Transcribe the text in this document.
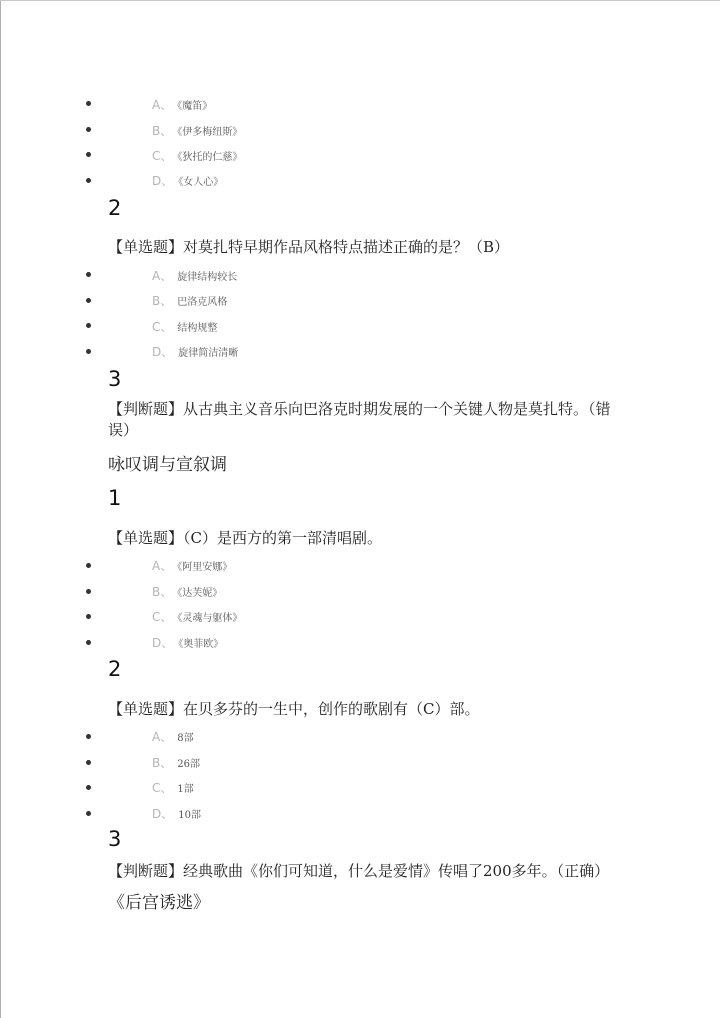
A、 《魔笛》
B、 《伊多梅纽斯》
C、 《狄托的仁慈》
D、 《女人心》
2
【单选题】对莫扎特早期作品风格特点描述正确的是？（B）
A、 旋律结构较长
B、 巴洛克风格
C、 结构规整
D、 旋律简洁清晰
3
【判断题】从古典主义音乐向巴洛克时期发展的一个关键人物是莫扎特。（错
误）
咏叹调与宣叙调
1
【单选题】（C）是西方的第一部清唱剧。
A、 《阿里安娜》
B、 《达芙妮》
C、 《灵魂与躯体》
D、 《奥菲欧》
2
【单选题】在贝多芬的一生中，创作的歌剧有（C）部。
A、 8部
B、 26部
C、 1部
D、 10部
3
【判断题】经典歌曲《你们可知道，什么是爱情》传唱了200多年。（正确）
《后宫诱逃》
